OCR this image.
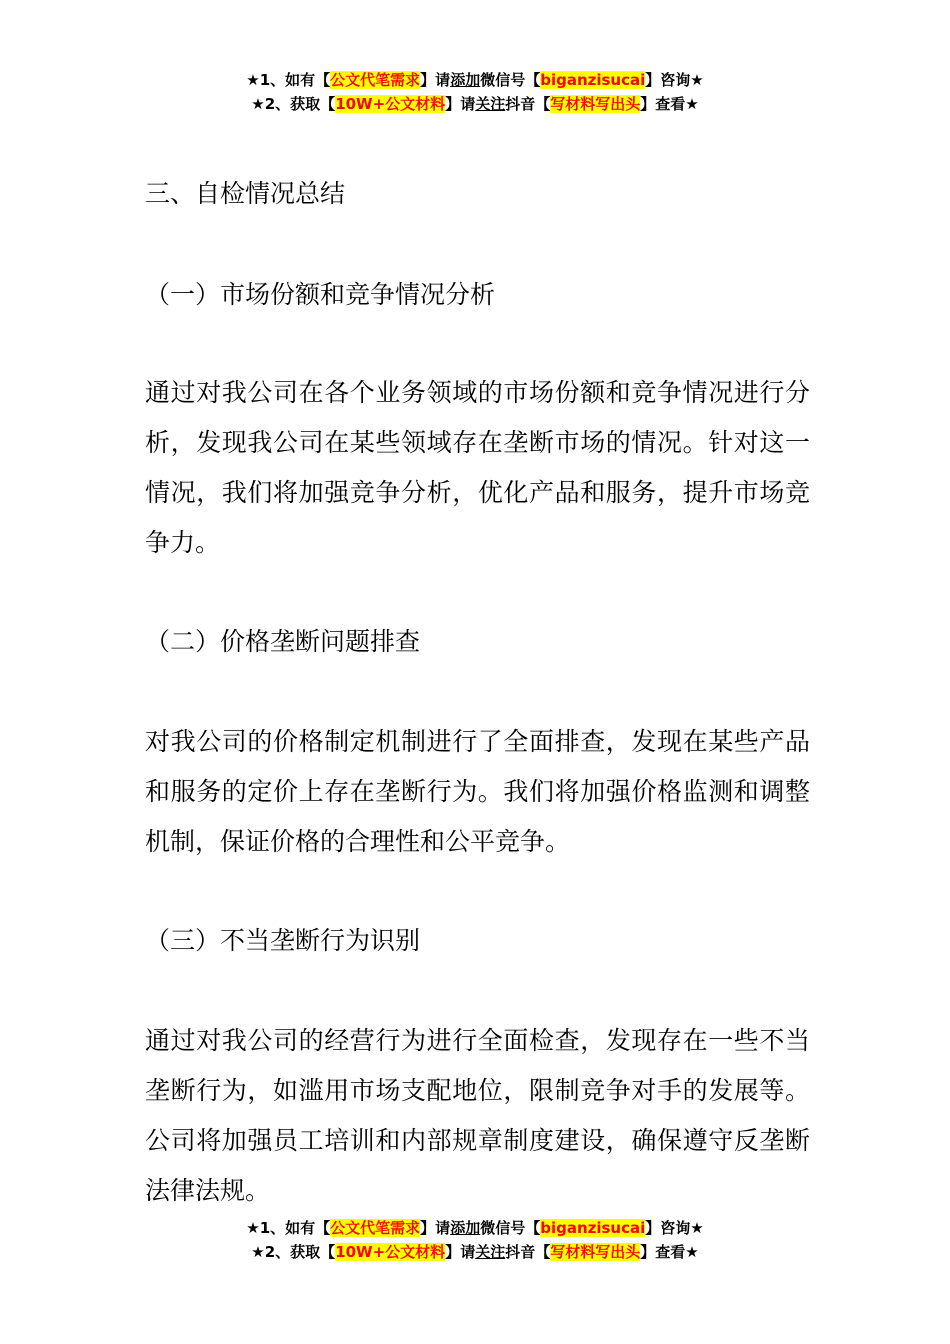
★1、如有【公文代笔需求】请添加微信号【biganzisucai】咨询★
★2、获取【10W+公文材料】请关注抖音【写材料写出头】查看★
三、自检情况总结
（一）市场份额和竞争情况分析
通过对我公司在各个业务领域的市场份额和竞争情况进行分析，发现我公司在某些领域存在垄断市场的情况。针对这一情况，我们将加强竞争分析，优化产品和服务，提升市场竞争力。
（二）价格垄断问题排查
对我公司的价格制定机制进行了全面排查，发现在某些产品和服务的定价上存在垄断行为。我们将加强价格监测和调整机制，保证价格的合理性和公平竞争。
（三）不当垄断行为识别
通过对我公司的经营行为进行全面检查，发现存在一些不当垄断行为，如滥用市场支配地位，限制竞争对手的发展等。公司将加强员工培训和内部规章制度建设，确保遵守反垄断法律法规。
★1、如有【公文代笔需求】请添加微信号【biganzisucai】咨询★
★2、获取【10W+公文材料】请关注抖音【写材料写出头】查看★
